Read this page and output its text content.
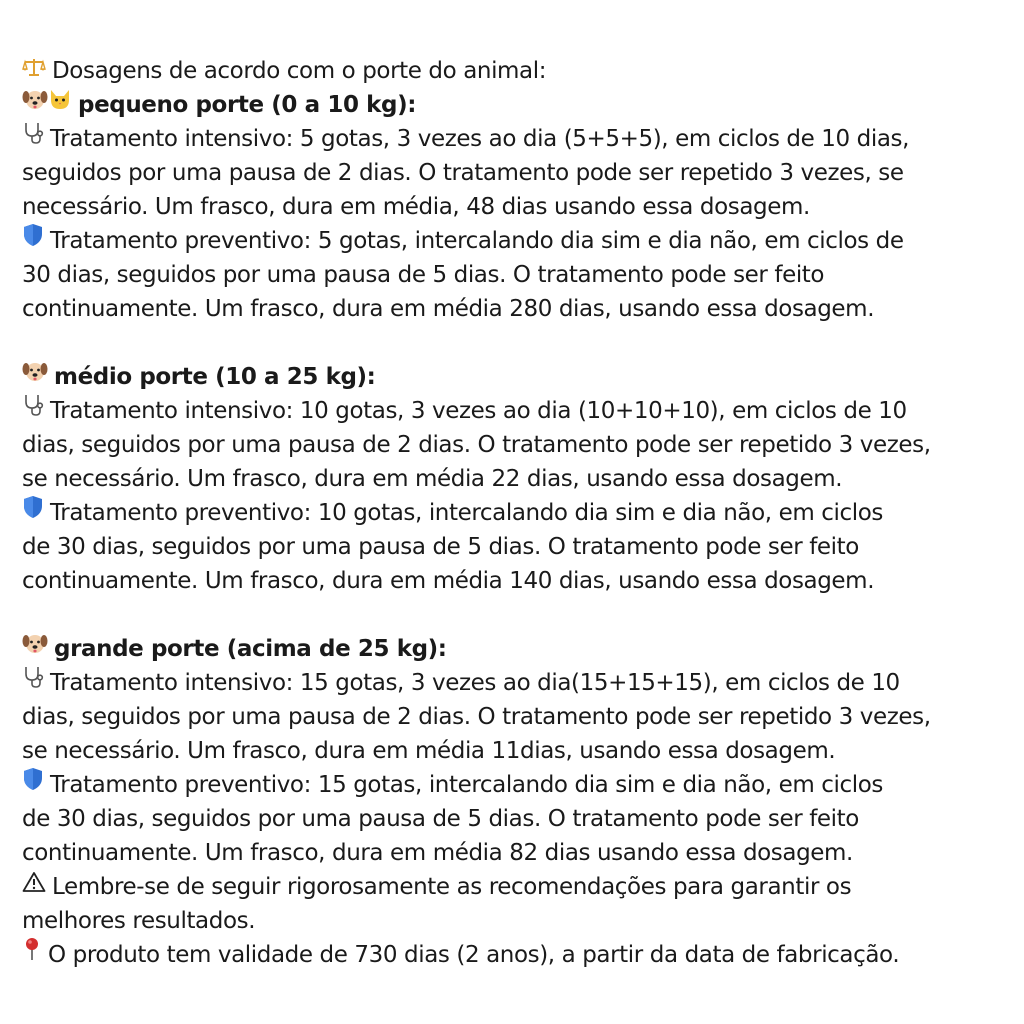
Dosagens de acordo com o porte do animal:
pequeno porte (0 a 10 kg):
Tratamento intensivo: 5 gotas, 3 vezes ao dia (5+5+5), em ciclos de 10 dias,
seguidos por uma pausa de 2 dias. O tratamento pode ser repetido 3 vezes, se
necessário. Um frasco, dura em média, 48 dias usando essa dosagem.
Tratamento preventivo: 5 gotas, intercalando dia sim e dia não, em ciclos de
30 dias, seguidos por uma pausa de 5 dias. O tratamento pode ser feito
continuamente. Um frasco, dura em média 280 dias, usando essa dosagem.
médio porte (10 a 25 kg):
Tratamento intensivo: 10 gotas, 3 vezes ao dia (10+10+10), em ciclos de 10
dias, seguidos por uma pausa de 2 dias. O tratamento pode ser repetido 3 vezes,
se necessário. Um frasco, dura em média 22 dias, usando essa dosagem.
Tratamento preventivo: 10 gotas, intercalando dia sim e dia não, em ciclos
de 30 dias, seguidos por uma pausa de 5 dias. O tratamento pode ser feito
continuamente. Um frasco, dura em média 140 dias, usando essa dosagem.
grande porte (acima de 25 kg):
Tratamento intensivo: 15 gotas, 3 vezes ao dia(15+15+15), em ciclos de 10
dias, seguidos por uma pausa de 2 dias. O tratamento pode ser repetido 3 vezes,
se necessário. Um frasco, dura em média 11dias, usando essa dosagem.
Tratamento preventivo: 15 gotas, intercalando dia sim e dia não, em ciclos
de 30 dias, seguidos por uma pausa de 5 dias. O tratamento pode ser feito
continuamente. Um frasco, dura em média 82 dias usando essa dosagem.
Lembre-se de seguir rigorosamente as recomendações para garantir os
melhores resultados.
O produto tem validade de 730 dias (2 anos), a partir da data de fabricação.
